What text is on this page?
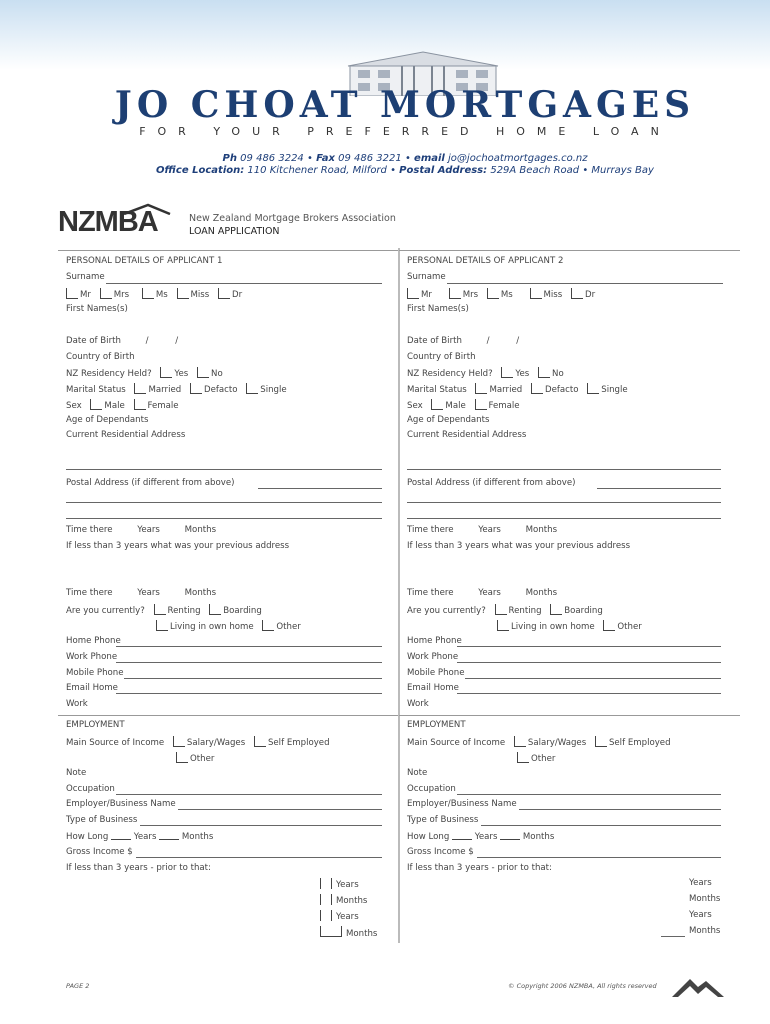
JO CHOAT MORTGAGES
FOR YOUR PREFERRED HOME LOAN
Ph 09 486 3224 • Fax 09 486 3221 • email jo@jochoatmortgages.co.nz
Office Location: 110 Kitchener Road, Milford • Postal Address: 529A Beach Road • Murrays Bay
NZMBA	New Zealand Mortgage Brokers Association
LOAN APPLICATION
PERSONAL DETAILS OF APPLICANT 1
Surname
Mr	Mrs	Ms	Miss	Dr
First Names(s)
Date of Birth	/	/
Country of Birth
NZ Residency Held?	Yes	No
Marital Status	Married	Defacto	Single
Sex	Male	Female
Age of Dependants
Current Residential Address
Postal Address (if different from above)
Time there	Years	Months
If less than 3 years what was your previous address
Time there	Years	Months
Are you currently?	Renting	Boarding
Living in own home	Other
Home Phone
Work Phone
Mobile Phone
Email Home
Work
EMPLOYMENT
Main Source of Income	Salary/Wages	Self Employed
Other
Note
Occupation
Employer/Business Name
Type of Business
How Long	Years	Months
Gross Income $
If less than 3 years - prior to that:
Years
Months
Years
Months
PERSONAL DETAILS OF APPLICANT 2
Surname
Mr	Mrs	Ms	Miss	Dr
First Names(s)
Date of Birth	/	/
Country of Birth
NZ Residency Held?	Yes	No
Marital Status	Married	Defacto	Single
Sex	Male	Female
Age of Dependants
Current Residential Address
Postal Address (if different from above)
Time there	Years	Months
If less than 3 years what was your previous address
Time there	Years	Months
Are you currently?	Renting	Boarding
Living in own home	Other
Home Phone
Work Phone
Mobile Phone
Email Home
Work
EMPLOYMENT
Main Source of Income	Salary/Wages	Self Employed
Other
Note
Occupation
Employer/Business Name
Type of Business
How Long	Years	Months
Gross Income $
If less than 3 years - prior to that:
Years
Months
Years
Months
PAGE 2	© Copyright 2006 NZMBA, All rights reserved
